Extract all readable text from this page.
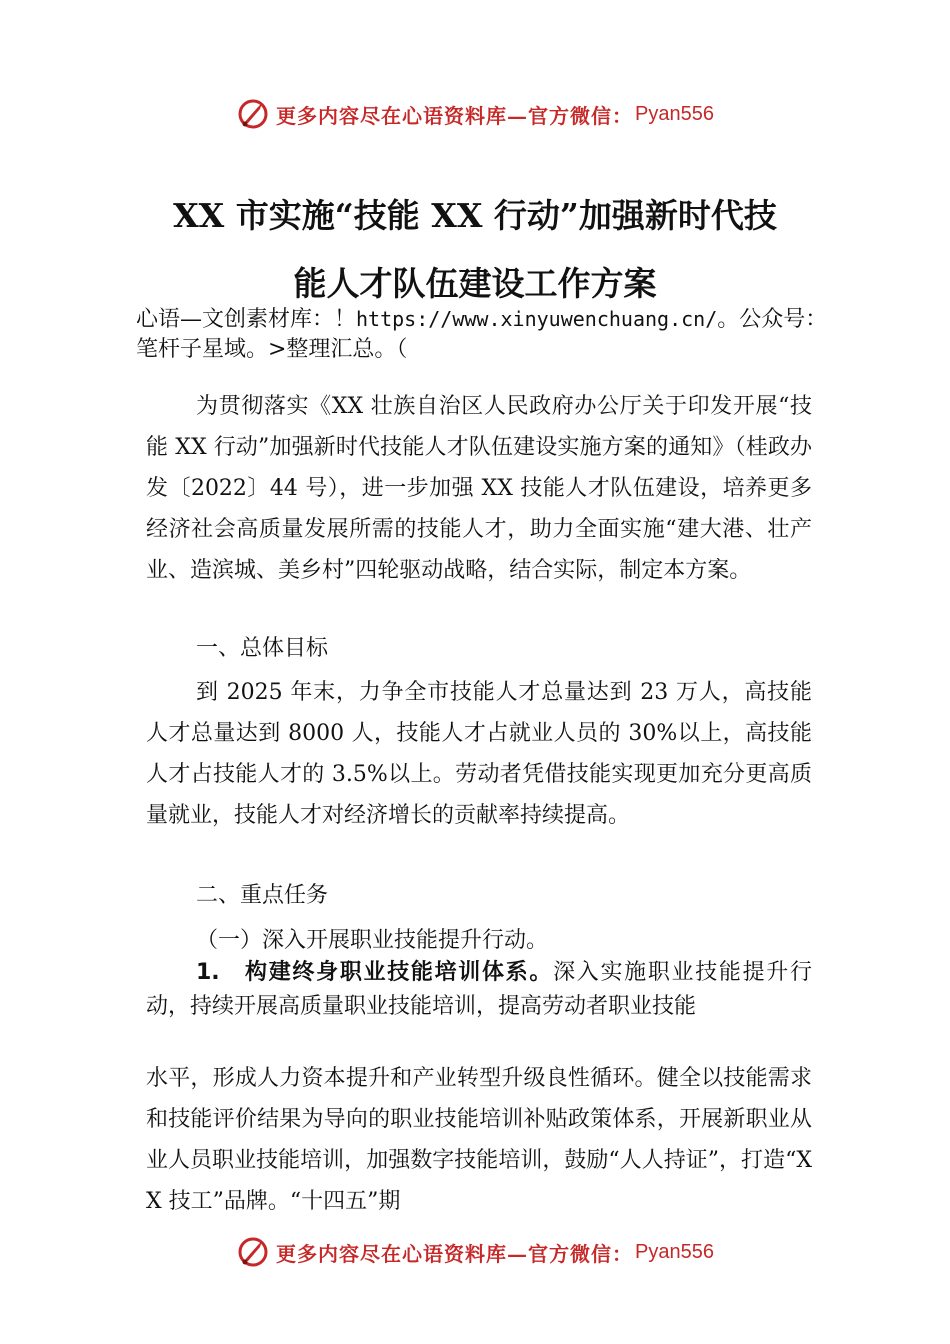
更多内容尽在心语资料库—官方微信： Pyan556
XX 市实施“技能 XX 行动”加强新时代技
能人才队伍建设工作方案
心语—文创素材库：！https://www.xinyuwenchuang.cn/。公众号：笔杆子星域。>整理汇总。（

为贯彻落实《XX 壮族自治区人民政府办公厅关于印发开展“技能 XX 行动”加强新时代技能人才队伍建设实施方案的通知》（桂政办发〔2022〕44 号），进一步加强 XX 技能人才队伍建设，培养更多经济社会高质量发展所需的技能人才，助力全面实施“建大港、壮产业、造滨城、美乡村”四轮驱动战略，结合实际，制定本方案。

一、总体目标

到 2025 年末，力争全市技能人才总量达到 23 万人，高技能人才总量达到 8000 人，技能人才占就业人员的 30%以上，高技能人才占技能人才的 3.5%以上。劳动者凭借技能实现更加充分更高质量就业，技能人才对经济增长的贡献率持续提高。

二、重点任务

（一）深入开展职业技能提升行动。

1.　构建终身职业技能培训体系。深入实施职业技能提升行动，持续开展高质量职业技能培训，提高劳动者职业技能

水平，形成人力资本提升和产业转型升级良性循环。健全以技能需求和技能评价结果为导向的职业技能培训补贴政策体系，开展新职业从业人员职业技能培训，加强数字技能培训，鼓励“人人持证”，打造“XX 技工”品牌。“十四五”期

更多内容尽在心语资料库—官方微信： Pyan556
